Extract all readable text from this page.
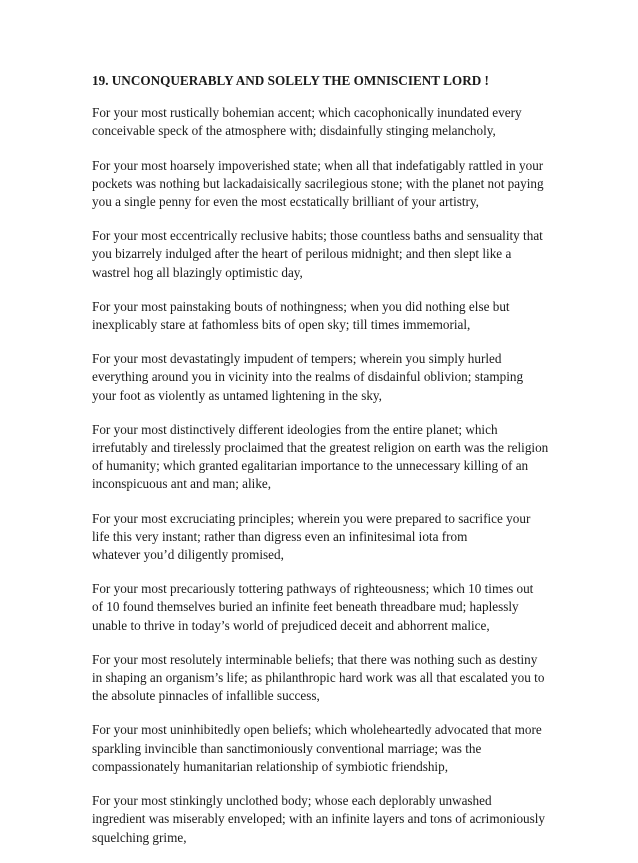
19. UNCONQUERABLY AND SOLELY THE OMNISCIENT LORD !
For your most rustically bohemian accent; which cacophonically inundated every
conceivable speck of the atmosphere with; disdainfully stinging melancholy,
For your most hoarsely impoverished state; when all that indefatigably rattled in your
pockets was nothing but lackadaisically sacrilegious stone; with the planet not paying
you a single penny for even the most ecstatically brilliant of your artistry,
For your most eccentrically reclusive habits; those countless baths and sensuality that
you bizarrely indulged after the heart of perilous midnight; and then slept like a
wastrel hog all blazingly optimistic day,
For your most painstaking bouts of nothingness; when you did nothing else but
inexplicably stare at fathomless bits of open sky; till times immemorial,
For your most devastatingly impudent of tempers; wherein you simply hurled
everything around you in vicinity into the realms of disdainful oblivion; stamping
your foot as violently as untamed lightening in the sky,
For your most distinctively different ideologies from the entire planet; which
irrefutably and tirelessly proclaimed that the greatest religion on earth was the religion
of humanity; which granted egalitarian importance to the unnecessary killing of an
inconspicuous ant and man; alike,
For your most excruciating principles; wherein you were prepared to sacrifice your
life this very instant; rather than digress even an infinitesimal iota from
whatever you’d diligently promised,
For your most precariously tottering pathways of righteousness; which 10 times out
of 10 found themselves buried an infinite feet beneath threadbare mud; haplessly
unable to thrive in today’s world of prejudiced deceit and abhorrent malice,
For your most resolutely interminable beliefs; that there was nothing such as destiny
in shaping an organism’s life; as philanthropic hard work was all that escalated you to
the absolute pinnacles of infallible success,
For your most uninhibitedly open beliefs; which wholeheartedly advocated that more
sparkling invincible than sanctimoniously conventional marriage; was the
compassionately humanitarian relationship of symbiotic friendship,
For your most stinkingly unclothed body; whose each deplorably unwashed
ingredient was miserably enveloped; with an infinite layers and tons of acrimoniously
squelching grime,
